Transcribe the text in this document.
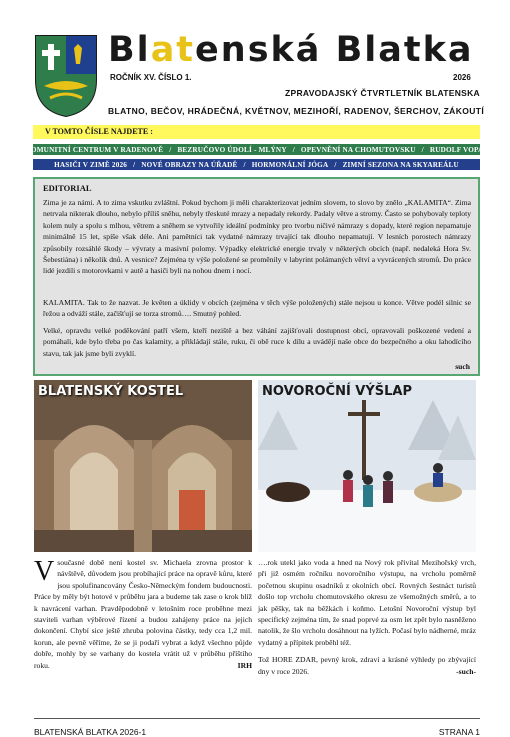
Blatenská Blatka
ROČNÍK XV. ČÍSLO 1.	2026
ZPRAVODAJSKÝ ČTVRTLETNÍK BLATENSKA
BLATNO, BEČOV, HRÁDEČNÁ, KVĚTNOV, MEZIHOŘÍ, RADENOV, ŠERCHOV, ZÁKOUTÍ
V TOMTO ČÍSLE NAJDETE :
KOMUNITNÍ CENTRUM V RADENOVĚ / BEZRUČOVO ÚDOLÍ - MLÝNY / OPEVNĚNÍ NA CHOMUTOVSKU / RUDOLF VOPAT
HASIČI V ZIMĚ 2026 / NOVÉ OBRAZY NA ÚŘADĚ / HORMONÁLNÍ JÓGA / ZIMNÍ SEZONA NA SKYAREÁLU
EDITORIAL
Zima je za námi. A to zima vskutku zvláštní. Pokud bychom ji měli charakterizovat jedním slovem, to slovo by znělo „KALAMITA“. Zima netrvala nikterak dlouho, nebylo příliš sněhu, nebyly třeskuté mrazy a nepadaly rekordy. Padaly větve a stromy. Často se pohybovaly teploty kolem nuly a spolu s mlhou, větrem a sněhem se vytvořily ideální podmínky pro tvorbu ničivé námrazy s dopady, které region nepamatuje minimálně 15 let, spíše však déle. Ani pamětníci tak vydatné námrazy trvající tak dlouho nepamatují. V lesních porostech námrazy způsobily rozsáhlé škody – vývraty a masivní polomy. Výpadky elektrické energie trvaly v některých obcích (např. nedaleká Hora Sv. Šebestiána) i několik dnů. A vesnice? Zejména ty výše položené se proměnily v labyrint polámaných větví a vyvrácených stromů. Do práce lidé jezdili s motorovkami v autě a hasiči byli na nohou dnem i nocí.
KALAMITA. Tak to že nazvat. Je květen a úklidy v obcích (zejména v těch výše položených) stále nejsou u konce. Větve podél silnic se řežou a odváží stále, začišťují se torza stromů…. Smutný pohled.
Velké, opravdu velké poděkování patří všem, kteří neziště a bez váhání zajišťovali dostupnost obcí, opravovali poškozené vedení a pomáhali, kde bylo třeba po čas kalamity, a přikládají stále, ruku, či obě ruce k dílu a uvádějí naše obce do bezpečného a oku lahodícího stavu, tak jak jsme byli zvyklí.
such
BLATENSKÝ KOSTEL	NOVOROČNÍ VÝŠLAP
V současné době není kostel sv. Michaela zrovna prostor k návštěvě, důvodem jsou probíhající práce na opravě kůru, které jsou spolufinancovány Česko-Německým fondem budoucnosti. Práce by měly být hotové v průběhu jara a budeme tak zase o krok blíž k navrácení varhan. Pravděpodobně v letošním roce proběhne mezi staviteli varhan výběrové řízení a budou zahájeny práce na jejich dokončení. Chybí sice ještě zhruba polovina částky, tedy cca 1,2 mil. korun, ale pevně věříme, že se ji podaří vybrat a když všechno půjde dobře, mohly by se varhany do kostela vrátit už v průběhu příštího roku.	IRH

….rok utekl jako voda a hned na Nový rok přivítal Mezihořský vrch, při již osmém ročníku novoročního výstupu, na vrcholu poměrně početnou skupinu osadníků z okolních obcí. Rovných šestnáct turistů došlo top vrcholu chomutovského okresu ze všemožných směrů, a to jak pěšky, tak na běžkách i koňmo. Letošní Novoroční výstup byl specifický zejména tím, že snad poprvé za osm let zpět bylo nasněženo natolik, že šlo vrcholu dosáhnout na lyžích. Počasí bylo nádherné, mráz vydatný a přípitek proběhl též.

Tož HORE ZDAR, pevný krok, zdraví a krásné výhledy po zbývající dny v roce 2026.	-such-

BLATENSKÁ BLATKA 2026-1	STRANA 1
